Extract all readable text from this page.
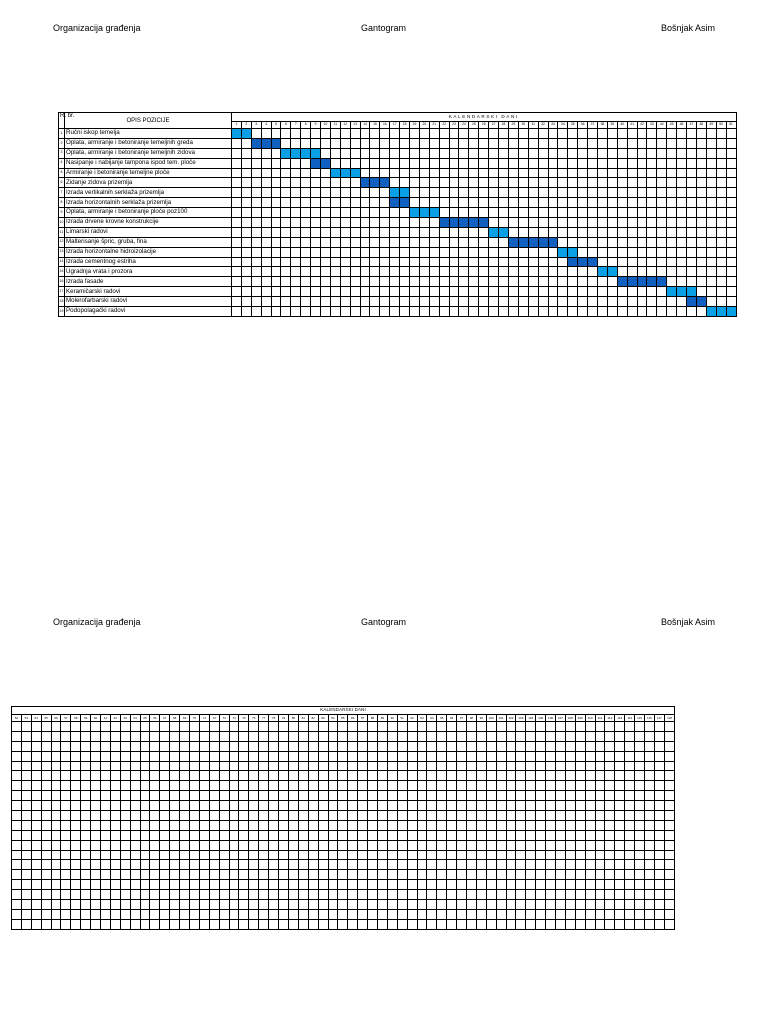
Organizacija građenja	Gantogram	Bošnjak Asim
R. br.	OPIS POZICIJE	KALENDARSKI DANI																																																		
		1	2	3	4	5	6	7	8	9	10	11	12	13	14	15	16	17	18	19	20	21	22	23	24	25	26	27	28	29	30	31	32	33	34	35	36	37	38	39	40	41	42	43	44	45	46	47	48	49	50	51
1	Ručni iskop temelja																																																			
2	Oplata, armiranje i betoniranje temeljnih greda																																																			
3	Oplata, armiranje i betoniranje temeljnih zidova																																																			
4	Nasipanje i nabijanje tampona ispod tem. ploče																																																			
5	Armiranje i betoniranje temeljne ploče																																																			
6	Zidanje zidova prizemlja																																																			
7	Izrada vertikalnih serklaža prizemlja																																																			
8	Izrada horizontalnih serklaža prizemlja																																																			
9	Oplata, armiranje i betoniranje ploče poz100																																																			
10	Izrada drvene krovne konstrukcije																																																			
11	Limarski radovi																																																			
12	Malterisanje špric, gruba, fina																																																			
13	Izrada horizontalne hidroizolacije																																																			
14	Izrada cementnog estriha																																																			
15	Ugradnja vrata i prozora																																																			
16	Izrada fasade																																																			
17	Keramičarski radovi																																																			
18	Molerofarbarski radovi																																																			
19	Podopolagački radovi																																																			
Organizacija građenja	Gantogram	Bošnjak Asim
KALENDARSKI DANI
52	53	54	55	56	57	58	59	60	61	62	63	64	65	66	67	68	69	70	71	72	73	74	75	76	77	78	79	80	81	82	83	84	85	86	87	88	89	90	91	92	93	94	95	96	97	98	99	100	101	102	103	104	105	106	107	108	109	110	111	112	113	114	115	116	117	118
